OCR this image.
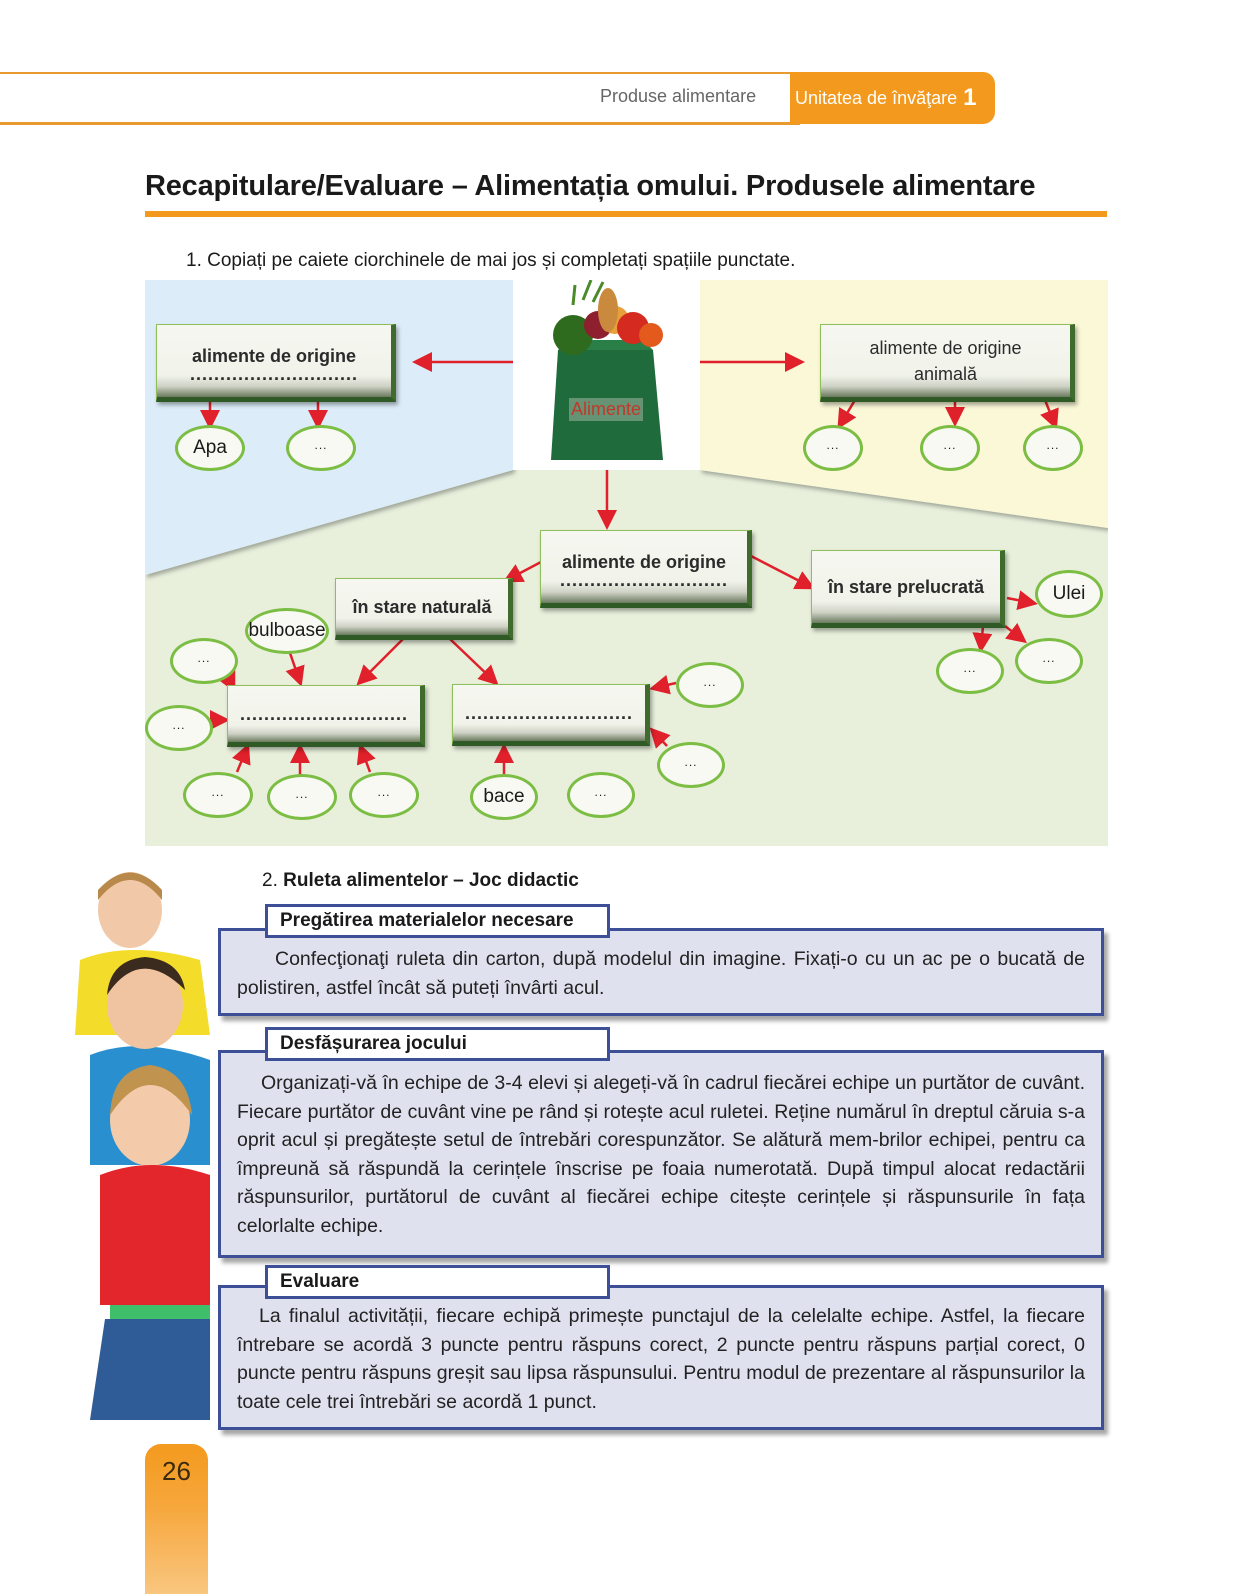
Produse alimentare Unitatea de învăţare 1
Recapitulare/Evaluare – Alimentația omului. Produsele alimentare
1. Copiați pe caiete ciorchinele de mai jos și completați spațiile punctate.
Alimente
alimente de origine
............................
Apa	...
alimente de origine
animală
...	...	...
alimente de origine
............................
în stare naturală
în stare prelucrată	Ulei
...
...
............................
bulboase
...
...
...	...	...
............................
bace	...
...
...
2. Ruleta alimentelor – Joc didactic
Confecţionaţi ruleta din carton, după modelul din imagine. Fixați-o cu un ac pe o bucată de polistiren, astfel încât să puteți învârti acul.
Pregătirea materialelor necesare
Organizați-vă în echipe de 3-4 elevi și alegeți-vă în cadrul fiecărei echipe un purtător de cuvânt. Fiecare purtător de cuvânt vine pe rând și rotește acul ruletei. Reține numărul în dreptul căruia s-a oprit acul și pregătește setul de întrebări corespunzător. Se alătură mem-brilor echipei, pentru ca împreună să răspundă la cerințele înscrise pe foaia numerotată. După timpul alocat redactării răspunsurilor, purtătorul de cuvânt al fiecărei echipe citește cerințele și răspunsurile în fața celorlalte echipe.
Desfășurarea jocului
La finalul activității, fiecare echipă primește punctajul de la celelalte echipe. Astfel, la fiecare întrebare se acordă 3 puncte pentru răspuns corect, 2 puncte pentru răspuns parțial corect, 0 puncte pentru răspuns greșit sau lipsa răspunsului. Pentru modul de prezentare al răspunsurilor la toate cele trei întrebări se acordă 1 punct.
Evaluare
26
